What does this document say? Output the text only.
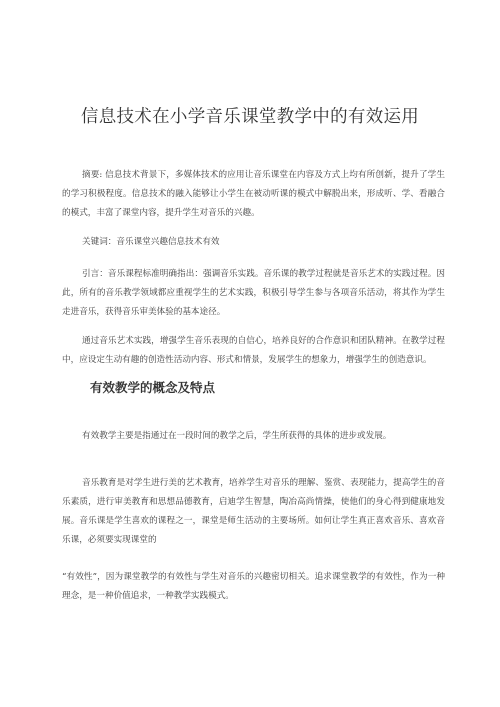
信息技术在小学音乐课堂教学中的有效运用

摘要: 信息技术背景下，多媒体技术的应用让音乐课堂在内容及方式上均有所创新，提升了学生的学习积极程度。信息技术的融入能够让小学生在被动听课的模式中解脱出来，形成听、学、看融合的模式，丰富了课堂内容，提升学生对音乐的兴趣。

关键词：音乐课堂兴趣信息技术有效

引言：音乐课程标准明确指出：强调音乐实践。音乐课的教学过程就是音乐艺术的实践过程。因此，所有的音乐教学领域都应重视学生的艺术实践，积极引导学生参与各项音乐活动，将其作为学生走进音乐，获得音乐审美体验的基本途径。

通过音乐艺术实践，增强学生音乐表现的自信心，培养良好的合作意识和团队精神。在教学过程中，应设定生动有趣的创造性活动内容、形式和情景，发展学生的想象力，增强学生的创造意识。

有效教学的概念及特点

有效教学主要是指通过在一段时间的教学之后，学生所获得的具体的进步或发展。

音乐教育是对学生进行美的艺术教育，培养学生对音乐的理解、鉴赏、表现能力，提高学生的音乐素质，进行审美教育和思想品德教育，启迪学生智慧，陶冶高尚情操，使他们的身心得到健康地发展。音乐课是学生喜欢的课程之一，课堂是师生活动的主要场所。如何让学生真正喜欢音乐、喜欢音乐课，必须要实现课堂的

“有效性”，因为课堂教学的有效性与学生对音乐的兴趣密切相关。追求课堂教学的有效性，作为一种理念，是一种价值追求，一种教学实践模式。
